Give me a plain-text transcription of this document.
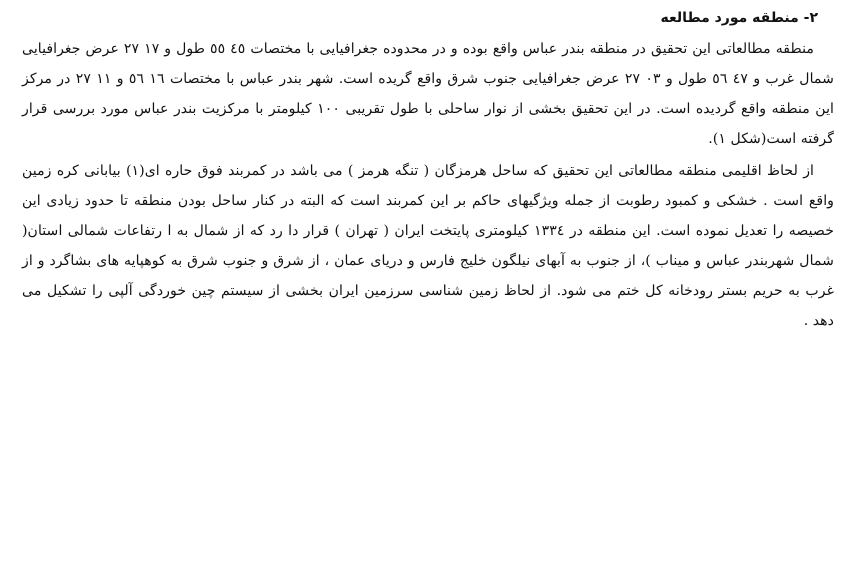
۲- منطقه مورد مطالعه

منطقه مطالعاتی این تحقیق در منطقه بندر عباس واقع بوده و در محدوده جغرافیایی با مختصات ٤٥ ٥٥ طول و ١٧ ٢٧ عرض جغرافیایی شمال غرب و ٤٧ ٥٦ طول و ۰۳ ٢٧ عرض جغرافیایی جنوب شرق واقع گریده است. شهر بندر عباس با مختصات ١٦ ٥٦ و ١١ ٢٧ در مرکز این منطقه واقع گردیده است. در این تحقیق بخشی از نوار ساحلی با طول تقریبی ۱۰۰ کیلومتر با مرکزیت بندر عباس مورد بررسی قرار گرفته است(شکل ۱).

از لحاظ اقلیمی منطقه مطالعاتی این تحقیق که ساحل هرمزگان ( تنگه هرمز ) می باشد در کمربند فوق حاره ای(۱) بیابانی کره زمین واقع است . خشکی و کمبود رطوبت از جمله ویژگیهای حاکم بر این کمربند است که البته در کنار ساحل بودن منطقه تا حدود زیادی این خصیصه را تعدیل نموده است. این منطقه در ۱۳۳٤ کیلومتری پایتخت ایران ( تهران ) قرار دا رد که از شمال به ا رتفاعات شمالی استان( شمال شهربندر عباس و میناب )، از جنوب به آبهای نیلگون خلیج فارس و دریای عمان ، از شرق و جنوب شرق به کوهپایه های بشاگرد و از غرب به حریم بستر رودخانه کل ختم می شود. از لحاظ زمین شناسی سرزمین ایران بخشی از سیستم چین خوردگی آلپی را تشکیل می دهد .
